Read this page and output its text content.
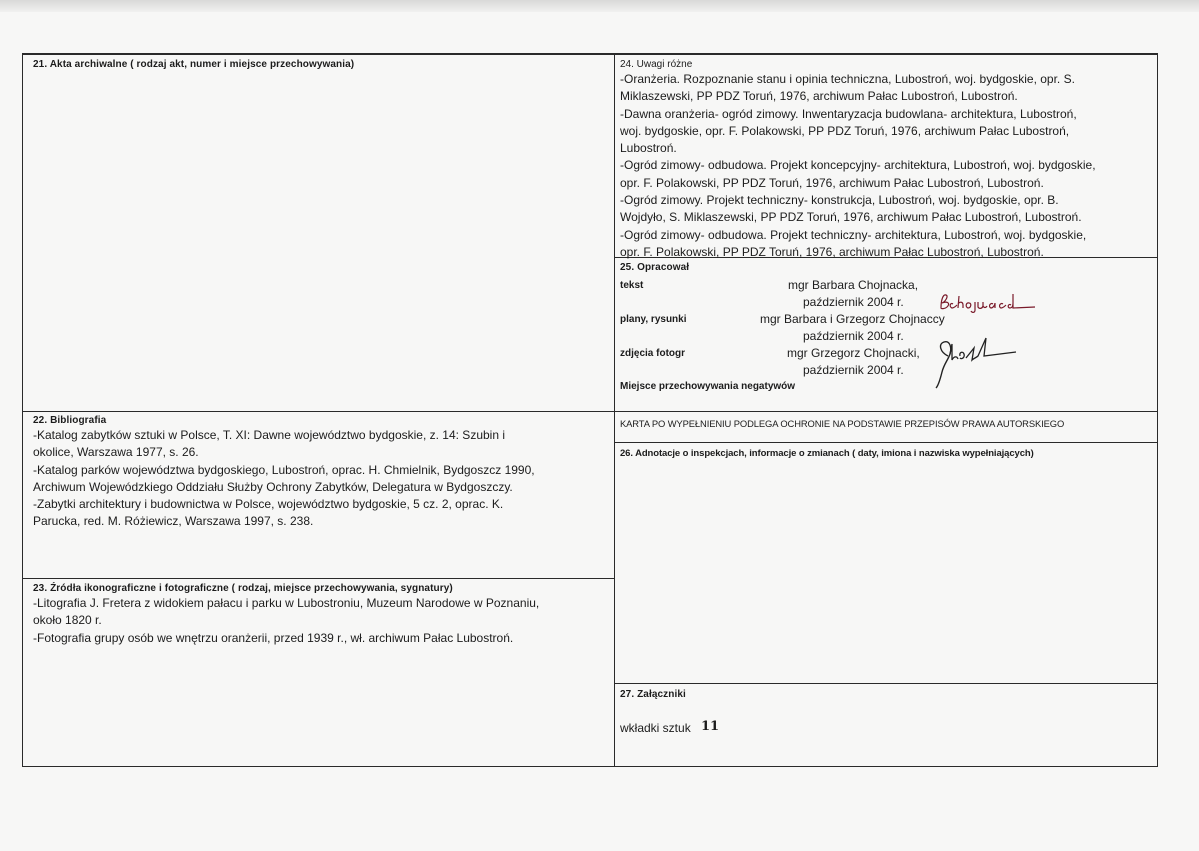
21. Akta archiwalne ( rodzaj akt, numer i miejsce przechowywania)
22. Bibliografia
-Katalog zabytków sztuki w Polsce, T. XI: Dawne województwo bydgoskie, z. 14: Szubin i
okolice, Warszawa 1977, s. 26.
-Katalog parków województwa bydgoskiego, Lubostroń, oprac. H. Chmielnik, Bydgoszcz 1990,
Archiwum Wojewódzkiego Oddziału Służby Ochrony Zabytków, Delegatura w Bydgoszczy.
-Zabytki architektury i budownictwa w Polsce, województwo bydgoskie, 5 cz. 2, oprac. K.
Parucka, red. M. Różiewicz, Warszawa 1997, s. 238.
23. Źródła ikonograficzne i fotograficzne ( rodzaj, miejsce przechowywania, sygnatury)
-Litografia J. Fretera z widokiem pałacu i parku w Lubostroniu, Muzeum Narodowe w Poznaniu,
około 1820 r.
-Fotografia grupy osób we wnętrzu oranżerii, przed 1939 r., wł. archiwum Pałac Lubostroń.
24. Uwagi różne
-Oranżeria. Rozpoznanie stanu i opinia techniczna, Lubostroń, woj. bydgoskie, opr. S.
Miklaszewski, PP PDZ Toruń, 1976, archiwum Pałac Lubostroń, Lubostroń.
-Dawna oranżeria- ogród zimowy. Inwentaryzacja budowlana- architektura, Lubostroń,
woj. bydgoskie, opr. F. Polakowski, PP PDZ Toruń, 1976, archiwum Pałac Lubostroń,
Lubostroń.
-Ogród zimowy- odbudowa. Projekt koncepcyjny- architektura, Lubostroń, woj. bydgoskie,
opr. F. Polakowski, PP PDZ Toruń, 1976, archiwum Pałac Lubostroń, Lubostroń.
-Ogród zimowy. Projekt techniczny- konstrukcja, Lubostroń, woj. bydgoskie, opr. B.
Wojdyło, S. Miklaszewski, PP PDZ Toruń, 1976, archiwum Pałac Lubostroń, Lubostroń.
-Ogród zimowy- odbudowa. Projekt techniczny- architektura, Lubostroń, woj. bydgoskie,
opr. F. Polakowski, PP PDZ Toruń, 1976, archiwum Pałac Lubostroń, Lubostroń.
25. Opracował
tekst	mgr Barbara Chojnacka,
październik 2004 r.
plany, rysunki	mgr Barbara i Grzegorz Chojnaccy
październik 2004 r.
zdjęcia fotogr	mgr Grzegorz Chojnacki,
październik 2004 r.
Miejsce przechowywania negatywów
KARTA PO WYPEŁNIENIU PODLEGA OCHRONIE NA PODSTAWIE PRZEPISÓW PRAWA AUTORSKIEGO
26. Adnotacje o inspekcjach, informacje o zmianach ( daty, imiona i nazwiska wypełniających)
27. Załączniki
wkładki sztuk 11
